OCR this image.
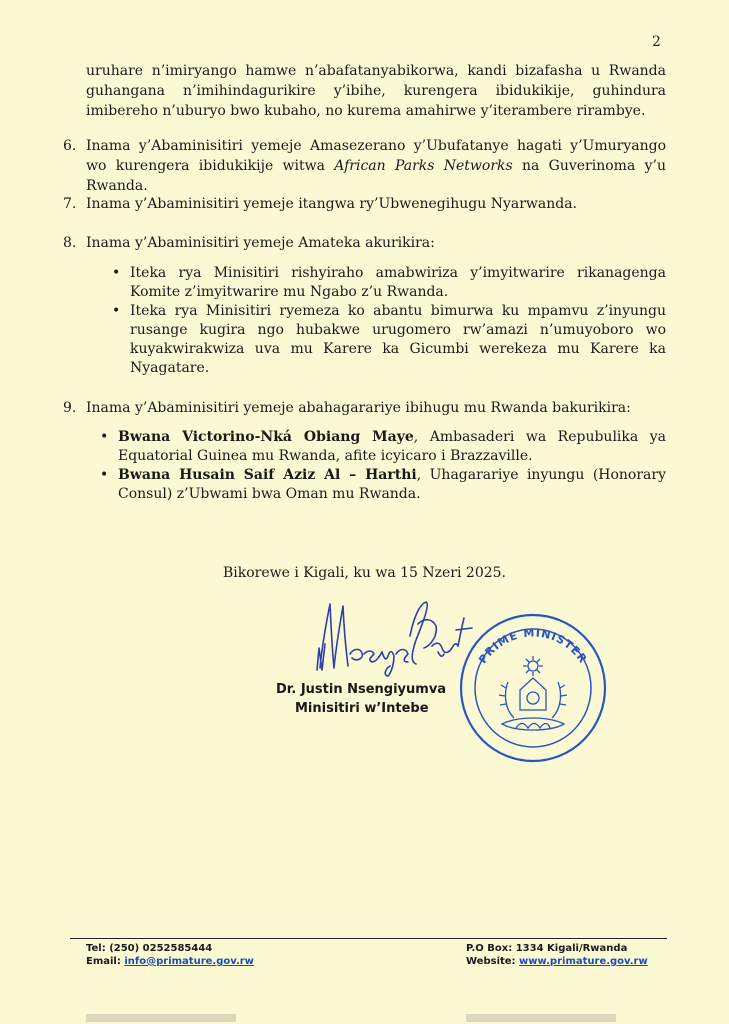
2

uruhare n’imiryango hamwe n’abafatanyabikorwa, kandi bizafasha u Rwanda guhangana n’imihindagurikire y’ibihe, kurengera ibidukikije, guhindura imibereho n’uburyo bwo kubaho, no kurema amahirwe y’iterambere rirambye.

6. Inama y’Abaminisitiri yemeje Amasezerano y’Ubufatanye hagati y’Umuryango wo kurengera ibidukikije witwa African Parks Networks na Guverinoma y’u Rwanda.
7. Inama y’Abaminisitiri yemeje itangwa ry’Ubwenegihugu Nyarwanda.
8. Inama y’Abaminisitiri yemeje Amateka akurikira:
• Iteka rya Minisitiri rishyiraho amabwiriza y’imyitwarire rikanagenga Komite z’imyitwarire mu Ngabo z’u Rwanda.
• Iteka rya Minisitiri ryemeza ko abantu bimurwa ku mpamvu z’inyungu rusange kugira ngo hubakwe urugomero rw’amazi n’umuyoboro wo kuyakwirakwiza uva mu Karere ka Gicumbi werekeza mu Karere ka Nyagatare.
9. Inama y’Abaminisitiri yemeje abahagarariye ibihugu mu Rwanda bakurikira:
• Bwana Victorino-Nká Obiang Maye, Ambasaderi wa Repubulika ya Equatorial Guinea mu Rwanda, afite icyicaro i Brazzaville.
• Bwana Husain Saif Aziz Al – Harthi, Uhagarariye inyungu (Honorary Consul) z’Ubwami bwa Oman mu Rwanda.
Bikorewe i Kigali, ku wa 15 Nzeri 2025.
Dr. Justin Nsengiyumva
Minisitiri w’Intebe
PRIME MINISTER
Tel: (250) 0252585444
Email: info@primature.gov.rw
P.O Box: 1334 Kigali/Rwanda
Website: www.primature.gov.rw
